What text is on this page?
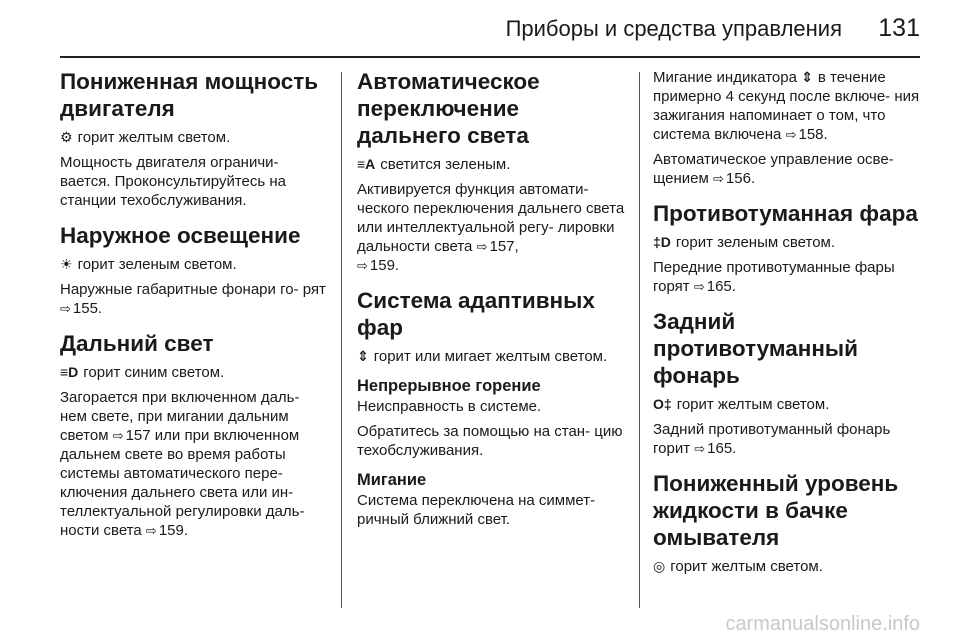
Приборы и средства управления 131
Пониженная мощность двигателя

⚙ горит желтым светом.

Мощность двигателя ограничи- вается. Проконсультируйтесь на станции техобслуживания.

Наружное освещение

☀ горит зеленым светом.

Наружные габаритные фонари го- рят ⇨ 155.

Дальний свет

≡D горит синим светом.

Загорается при включенном даль- нем свете, при мигании дальним светом ⇨ 157 или при включенном дальнем свете во время работы системы автоматического пере- ключения дальнего света или ин- теллектуальной регулировки даль- ности света ⇨ 159.

Автоматическое переключение дальнего света

≡A светится зеленым.

Активируется функция автомати- ческого переключения дальнего света или интеллектуальной регу- лировки дальности света ⇨ 157,
⇨ 159.

Система адаптивных фар

⇕ горит или мигает желтым светом.

Непрерывное горение

Неисправность в системе.

Обратитесь за помощью на стан- цию техобслуживания.

Мигание

Система переключена на симмет- ричный ближний свет.

Мигание индикатора ⇕ в течение примерно 4 секунд после включе- ния зажигания напоминает о том, что система включена ⇨ 158.

Автоматическое управление осве- щением ⇨ 156.

Противотуманная фара

‡D горит зеленым светом.

Передние противотуманные фары горят ⇨ 165.

Задний противотуманный фонарь

O‡ горит желтым светом.

Задний противотуманный фонарь горит ⇨ 165.

Пониженный уровень жидкости в бачке омывателя

◎ горит желтым светом.

carmanualsonline.info
